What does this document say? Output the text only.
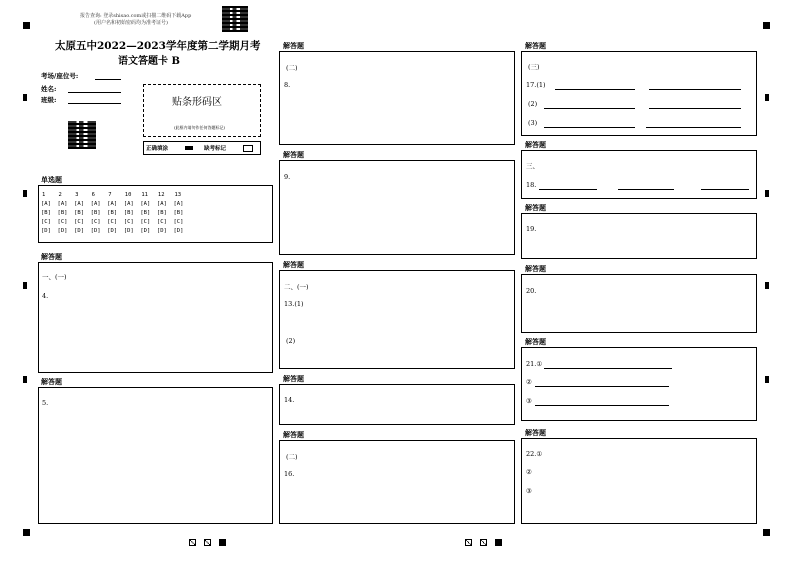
报告查询: 登录shisao.com或扫描二维码下载App
(用户名和初始密码均为准考证号)
太原五中2022—2023学年度第二学期月考
语文答题卡 B
考场/座位号:
姓名:
班级:	贴条形码区
(此框内请勿作任何答题标记)
正确填涂	缺考标记
单选题
1    2    3    6    7    10   11   12   13
[A]  [A]  [A]  [A]  [A]  [A]  [A]  [A]  [A]
[B]  [B]  [B]  [B]  [B]  [B]  [B]  [B]  [B]
[C]  [C]  [C]  [C]  [C]  [C]  [C]  [C]  [C]
[D]  [D]  [D]  [D]  [D]  [D]  [D]  [D]  [D]
解答题
一、(一)
4.
解答题
5.
解答题
(二)
8.
解答题
9.
解答题
二、(一)
13.(1)
(2)
解答题
14.
解答题
(二)
16.
解答题
(三)
17.(1)
(2)
(3)
解答题
三、
18.
解答题
19.
解答题
20.
解答题
21.①
②
③
解答题
22.①
②
③
